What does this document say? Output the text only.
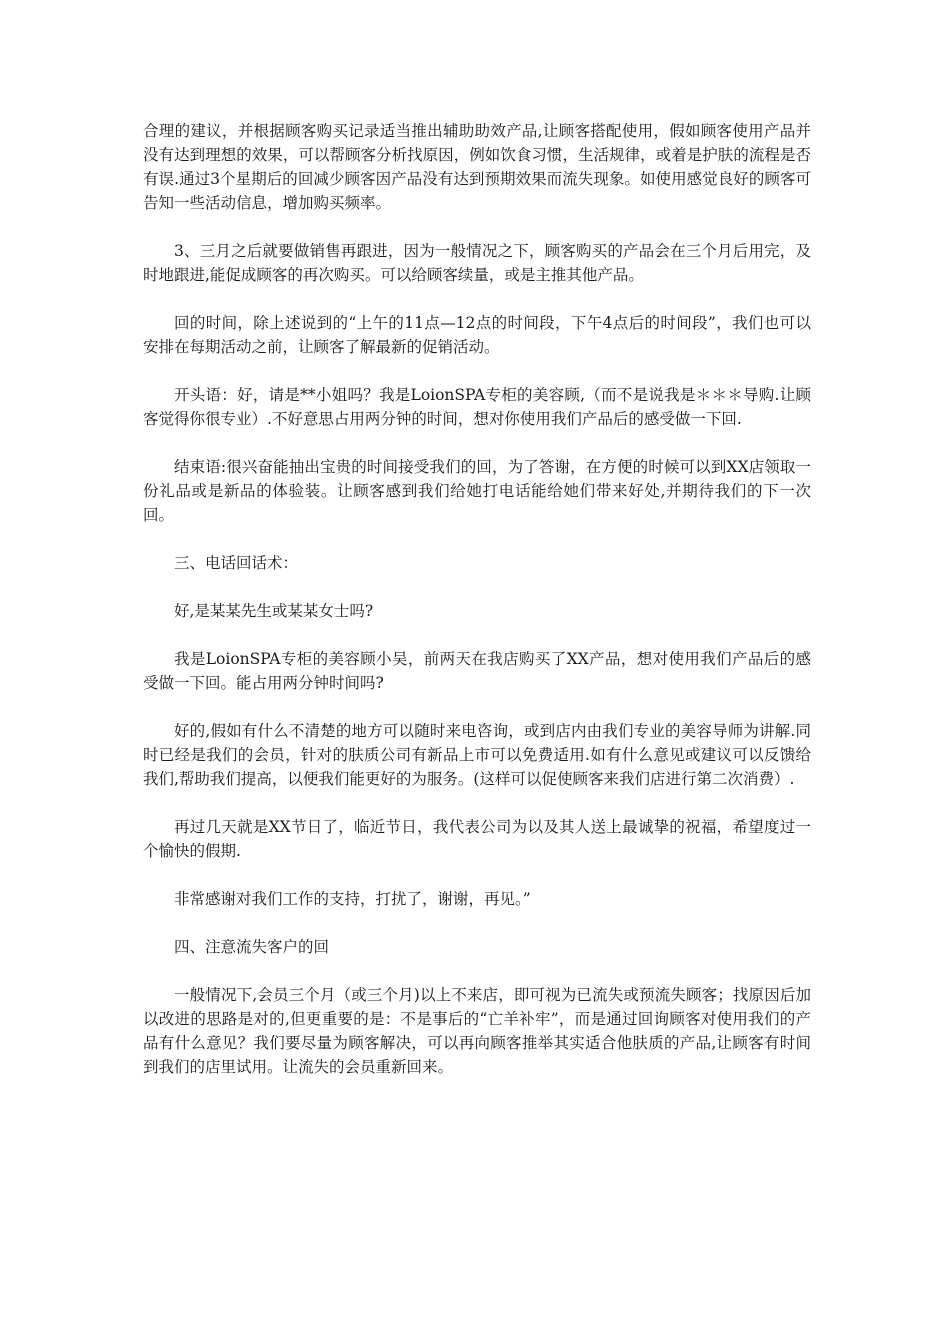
合理的建议，并根据顾客购买记录适当推出辅助助效产品,让顾客搭配使用，假如顾客使用产品并没有达到理想的效果，可以帮顾客分析找原因，例如饮食习惯，生活规律，或着是护肤的流程是否有误.通过3个星期后的回减少顾客因产品没有达到预期效果而流失现象。如使用感觉良好的顾客可告知一些活动信息，增加购买频率。

3、三月之后就要做销售再跟进，因为一般情况之下，顾客购买的产品会在三个月后用完，及时地跟进,能促成顾客的再次购买。可以给顾客续量，或是主推其他产品。

回的时间，除上述说到的“上午的11点—12点的时间段，下午4点后的时间段”，我们也可以安排在每期活动之前，让顾客了解最新的促销活动。

开头语：好，请是**小姐吗？我是LoionSPA专柜的美容顾,（而不是说我是＊＊＊导购.让顾客觉得你很专业）.不好意思占用两分钟的时间，想对你使用我们产品后的感受做一下回.

结束语:很兴奋能抽出宝贵的时间接受我们的回，为了答谢，在方便的时候可以到XX店领取一份礼品或是新品的体验装。让顾客感到我们给她打电话能给她们带来好处,并期待我们的下一次回。

三、电话回话术：

好,是某某先生或某某女士吗?

我是LoionSPA专柜的美容顾小吴，前两天在我店购买了XX产品，想对使用我们产品后的感受做一下回。能占用两分钟时间吗?

好的,假如有什么不清楚的地方可以随时来电咨询，或到店内由我们专业的美容导师为讲解.同时已经是我们的会员，针对的肤质公司有新品上市可以免费适用.如有什么意见或建议可以反馈给我们,帮助我们提高，以便我们能更好的为服务。(这样可以促使顾客来我们店进行第二次消费）.

再过几天就是XX节日了，临近节日，我代表公司为以及其人送上最诚挚的祝福，希望度过一个愉快的假期.

非常感谢对我们工作的支持，打扰了，谢谢，再见。”

四、注意流失客户的回

一般情况下,会员三个月（或三个月)以上不来店，即可视为已流失或预流失顾客；找原因后加以改进的思路是对的,但更重要的是：不是事后的“亡羊补牢”，而是通过回询顾客对使用我们的产品有什么意见？我们要尽量为顾客解决，可以再向顾客推举其实适合他肤质的产品,让顾客有时间到我们的店里试用。让流失的会员重新回来。
